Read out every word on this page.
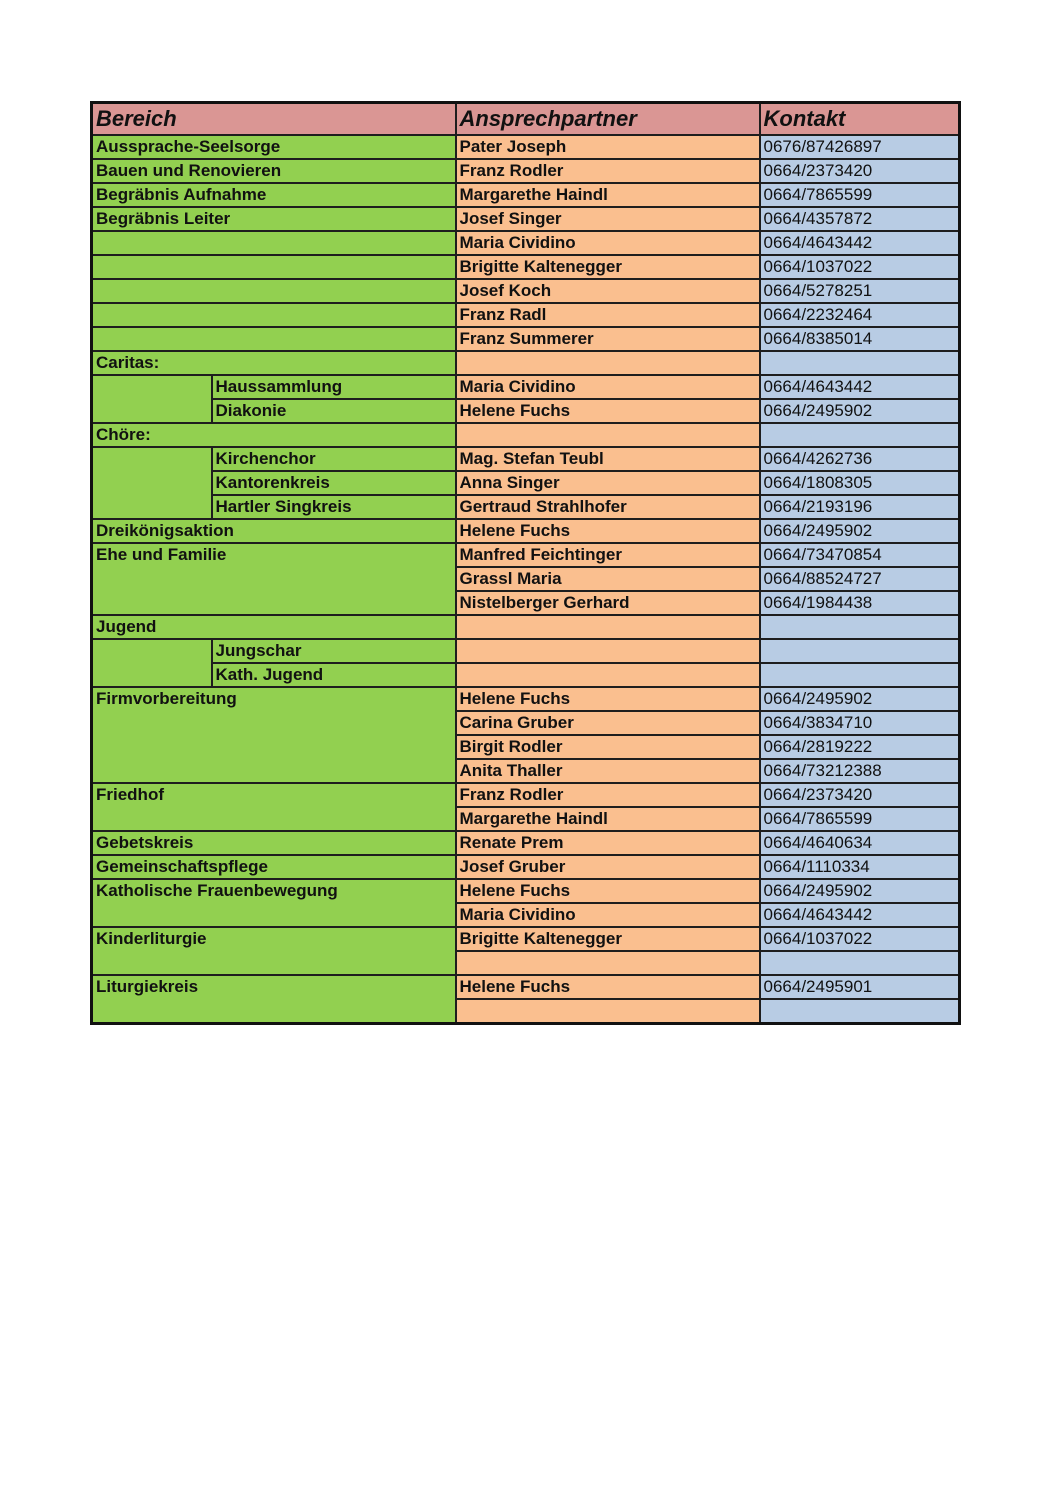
Bereich		Ansprechpartner	Kontakt
Aussprache-Seelsorge		Pater Joseph	0676/87426897
Bauen und Renovieren		Franz Rodler	0664/2373420
Begräbnis Aufnahme		Margarethe Haindl	0664/7865599
Begräbnis Leiter		Josef Singer	0664/4357872
		Maria Cividino	0664/4643442
		Brigitte Kaltenegger	0664/1037022
		Josef Koch	0664/5278251
		Franz Radl	0664/2232464
		Franz Summerer	0664/8385014
Caritas:			
	Haussammlung	Maria Cividino	0664/4643442
	Diakonie	Helene Fuchs	0664/2495902
Chöre:			
	Kirchenchor	Mag. Stefan Teubl	0664/4262736
	Kantorenkreis	Anna Singer	0664/1808305
	Hartler Singkreis	Gertraud Strahlhofer	0664/2193196
Dreikönigsaktion		Helene Fuchs	0664/2495902
Ehe und Familie		Manfred Feichtinger	0664/73470854
		Grassl Maria	0664/88524727
		Nistelberger Gerhard	0664/1984438
Jugend			
	Jungschar		
	Kath. Jugend		
Firmvorbereitung		Helene Fuchs	0664/2495902
		Carina Gruber	0664/3834710
		Birgit Rodler	0664/2819222
		Anita Thaller	0664/73212388
Friedhof		Franz Rodler	0664/2373420
		Margarethe Haindl	0664/7865599
Gebetskreis		Renate Prem	0664/4640634
Gemeinschaftspflege		Josef Gruber	0664/1110334
Katholische Frauenbewegung		Helene Fuchs	0664/2495902
		Maria Cividino	0664/4643442
Kinderliturgie		Brigitte Kaltenegger	0664/1037022

Liturgiekreis		Helene Fuchs	0664/2495901
